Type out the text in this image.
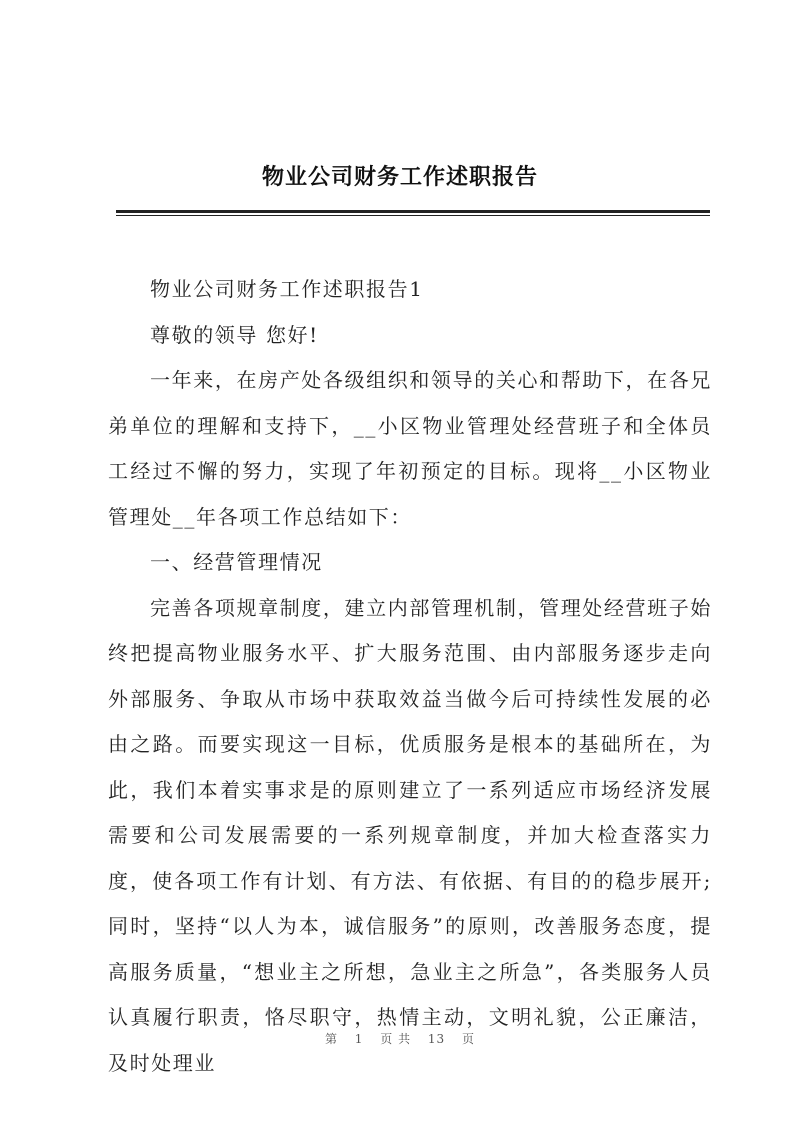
物业公司财务工作述职报告

物业公司财务工作述职报告1

尊敬的领导 您好!

一年来，在房产处各级组织和领导的关心和帮助下，在各兄弟单位的理解和支持下，__小区物业管理处经营班子和全体员工经过不懈的努力，实现了年初预定的目标。现将__小区物业管理处__年各项工作总结如下：

一、经营管理情况

完善各项规章制度，建立内部管理机制，管理处经营班子始终把提高物业服务水平、扩大服务范围、由内部服务逐步走向外部服务、争取从市场中获取效益当做今后可持续性发展的必由之路。而要实现这一目标，优质服务是根本的基础所在，为此，我们本着实事求是的原则建立了一系列适应市场经济发展需要和公司发展需要的一系列规章制度，并加大检查落实力度，使各项工作有计划、有方法、有依据、有目的的稳步展开;同时，坚持“以人为本，诚信服务”的原则，改善服务态度，提高服务质量，“想业主之所想，急业主之所急”，各类服务人员认真履行职责，恪尽职守，热情主动，文明礼貌，公正廉洁，及时处理业

第 1 页 共 13 页
